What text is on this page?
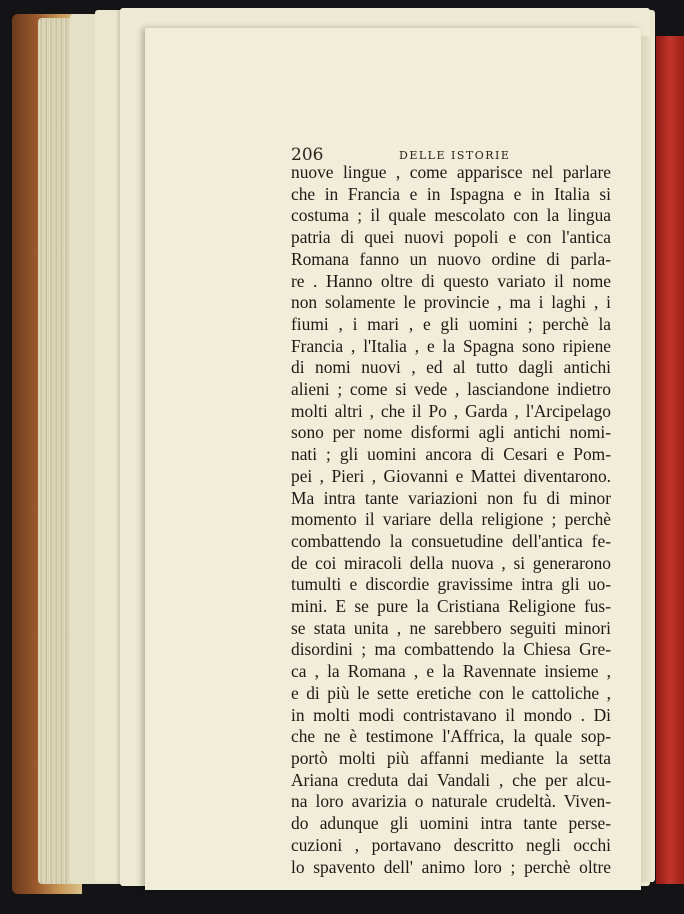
206	DELLE ISTORIE
nuove lingue , come apparisce nel parlare
che in Francia e in Ispagna e in Italia si
costuma ; il quale mescolato con la lingua
patria di quei nuovi popoli e con l'antica
Romana fanno un nuovo ordine di parla-
re . Hanno oltre di questo variato il nome
non solamente le provincie , ma i laghi , i
fiumi , i mari , e gli uomini ; perchè la
Francia , l'Italia , e la Spagna sono ripiene
di nomi nuovi , ed al tutto dagli antichi
alieni ; come si vede , lasciandone indietro
molti altri , che il Po , Garda , l'Arcipelago
sono per nome disformi agli antichi nomi-
nati ; gli uomini ancora di Cesari e Pom-
pei , Pieri , Giovanni e Mattei diventarono.
Ma intra tante variazioni non fu di minor
momento il variare della religione ; perchè
combattendo la consuetudine dell'antica fe-
de coi miracoli della nuova , si generarono
tumulti e discordie gravissime intra gli uo-
mini. E se pure la Cristiana Religione fus-
se stata unita , ne sarebbero seguiti minori
disordini ; ma combattendo la Chiesa Gre-
ca , la Romana , e la Ravennate insieme ,
e di più le sette eretiche con le cattoliche ,
in molti modi contristavano il mondo . Di
che ne è testimone l'Affrica, la quale sop-
portò molti più affanni mediante la setta
Ariana creduta dai Vandali , che per alcu-
na loro avarizia o naturale crudeltà. Viven-
do adunque gli uomini intra tante perse-
cuzioni , portavano descritto negli occhi
lo spavento dell' animo loro ; perchè oltre
